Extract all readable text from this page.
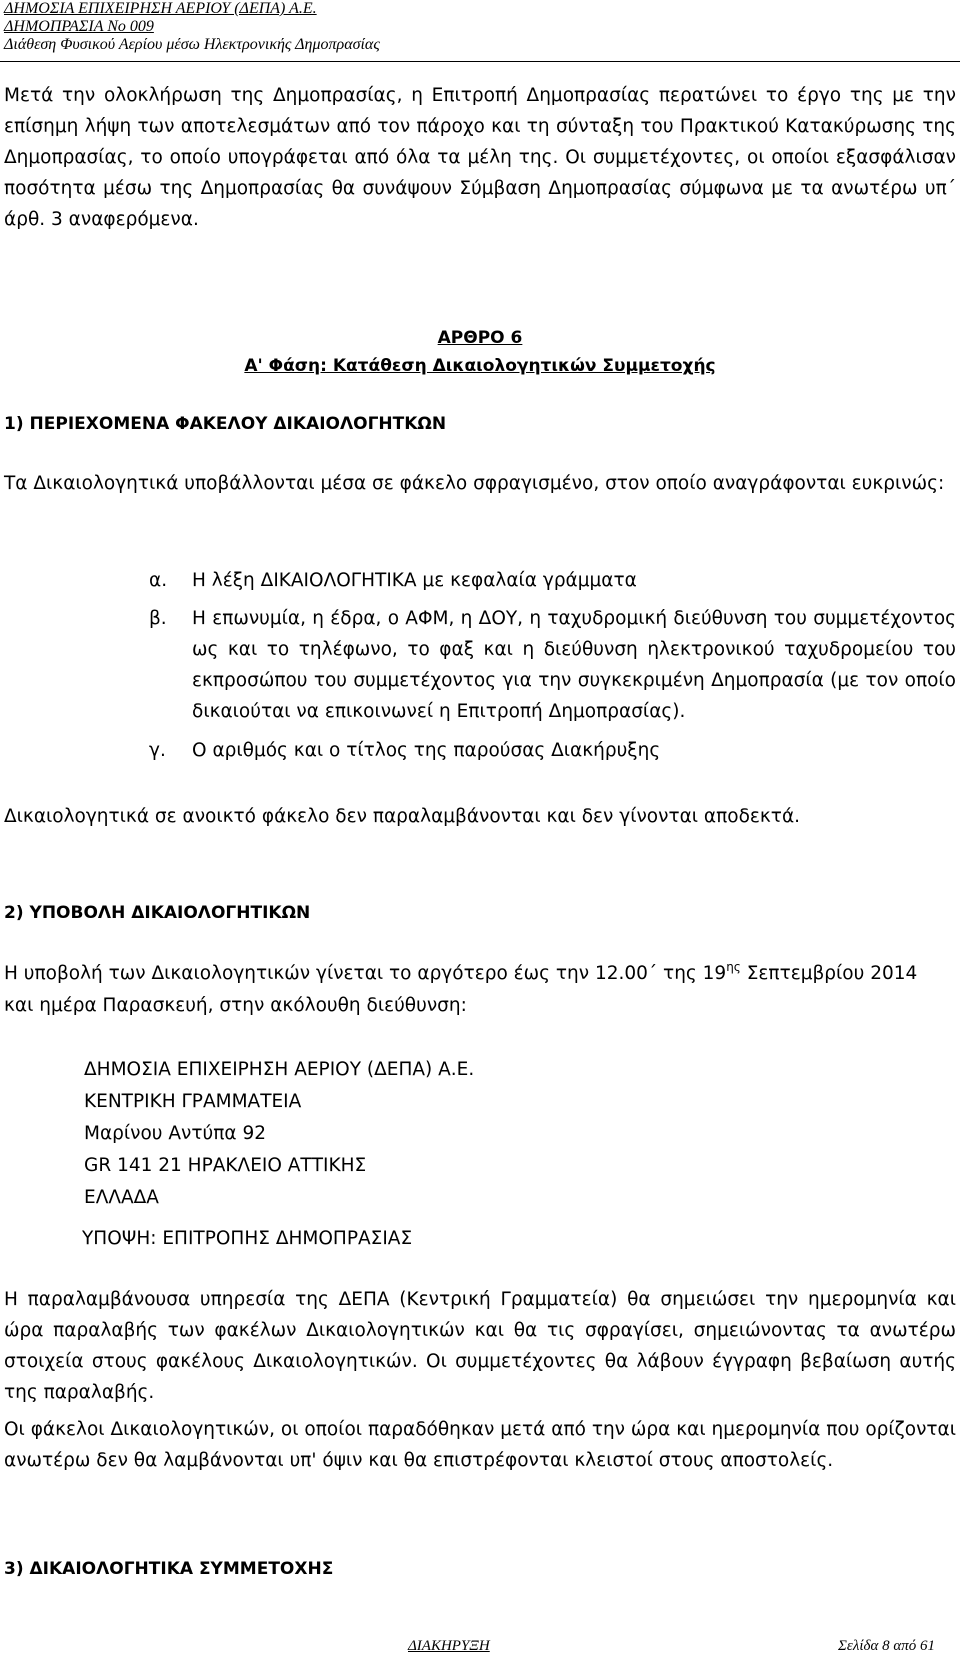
ΔΗΜΟΣΙΑ ΕΠΙΧΕΙΡΗΣΗ ΑΕΡΙΟΥ (ΔΕΠΑ) Α.Ε.
ΔΗΜΟΠΡΑΣΙΑ Νο 009
Διάθεση Φυσικού Αερίου μέσω Ηλεκτρονικής Δημοπρασίας
Μετά την ολοκλήρωση της Δημοπρασίας, η Επιτροπή Δημοπρασίας περατώνει το έργο της με την επίσημη λήψη των αποτελεσμάτων από τον πάροχο και τη σύνταξη του Πρακτικού Κατακύρωσης της Δημοπρασίας, το οποίο υπογράφεται από όλα τα μέλη της. Οι συμμετέχοντες, οι οποίοι εξασφάλισαν ποσότητα μέσω της Δημοπρασίας θα συνάψουν Σύμβαση Δημοπρασίας σύμφωνα με τα ανωτέρω υπ΄ άρθ. 3 αναφερόμενα.
ΑΡΘΡΟ 6
Α' Φάση: Κατάθεση Δικαιολογητικών Συμμετοχής
1) ΠΕΡΙΕΧΟΜΕΝΑ ΦΑΚΕΛΟΥ ΔΙΚΑΙΟΛΟΓΗΤΚΩΝ
Τα Δικαιολογητικά υποβάλλονται μέσα σε φάκελο σφραγισμένο, στον οποίο αναγράφονται ευκρινώς:
α. Η λέξη ΔΙΚΑΙΟΛΟΓΗΤΙΚΑ με κεφαλαία γράμματα
β. Η επωνυμία, η έδρα, ο ΑΦΜ, η ΔΟΥ, η ταχυδρομική διεύθυνση του συμμετέχοντος ως και το τηλέφωνο, το φαξ και η διεύθυνση ηλεκτρονικού ταχυδρομείου του εκπροσώπου του συμμετέχοντος για την συγκεκριμένη Δημοπρασία (με τον οποίο δικαιούται να επικοινωνεί η Επιτροπή Δημοπρασίας).
γ. Ο αριθμός και ο τίτλος της παρούσας Διακήρυξης
Δικαιολογητικά σε ανοικτό φάκελο δεν παραλαμβάνονται και δεν γίνονται αποδεκτά.
2) ΥΠΟΒΟΛΗ ΔΙΚΑΙΟΛΟΓΗΤΙΚΩΝ
Η υποβολή των Δικαιολογητικών γίνεται το αργότερο έως την 12.00΄ της $19^{\eta\varsigma}$ Σεπτεμβρίου 2014
και ημέρα Παρασκευή, στην ακόλουθη διεύθυνση:
ΔΗΜΟΣΙΑ ΕΠΙΧΕΙΡΗΣΗ ΑΕΡΙΟΥ (ΔΕΠΑ) Α.Ε.
ΚΕΝΤΡΙΚΗ ΓΡΑΜΜΑΤΕΙΑ
Μαρίνου Αντύπα 92
GR 141 21 ΗΡΑΚΛΕΙΟ ΑΤΤΙΚΗΣ
ΕΛΛΑΔΑ
ΥΠΟΨΗ: ΕΠΙΤΡΟΠΗΣ ΔΗΜΟΠΡΑΣΙΑΣ
Η παραλαμβάνουσα υπηρεσία της ΔΕΠΑ (Κεντρική Γραμματεία) θα σημειώσει την ημερομηνία και ώρα παραλαβής των φακέλων Δικαιολογητικών και θα τις σφραγίσει, σημειώνοντας τα ανωτέρω στοιχεία στους φακέλους Δικαιολογητικών. Οι συμμετέχοντες θα λάβουν έγγραφη βεβαίωση αυτής της παραλαβής.
Οι φάκελοι Δικαιολογητικών, οι οποίοι παραδόθηκαν μετά από την ώρα και ημερομηνία που ορίζονται ανωτέρω δεν θα λαμβάνονται υπ' όψιν και θα επιστρέφονται κλειστοί στους αποστολείς.
3) ΔΙΚΑΙΟΛΟΓΗΤΙΚΑ ΣΥΜΜΕΤΟΧΗΣ
ΔΙΑΚΗΡΥΞΗ	Σελίδα 8 από 61
